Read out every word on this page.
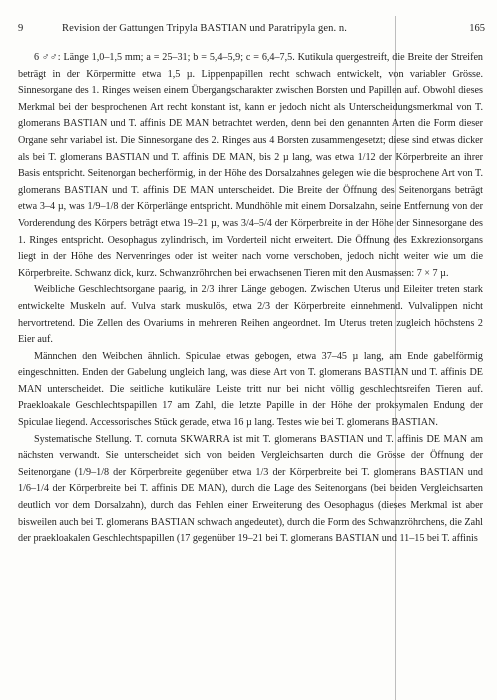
9	Revision der Gattungen Tripyla BASTIAN und Paratripyla gen. n.	165

6 ♂♂: Länge 1,0–1,5 mm; a = 25–31; b = 5,4–5,9; c = 6,4–7,5. Kutikula quergestreift, die Breite der Streifen beträgt in der Körpermitte etwa 1,5 µ. Lippenpapillen recht schwach entwickelt, von variabler Grösse. Sinnesorgane des 1. Ringes weisen einem Übergangscharakter zwischen Borsten und Papillen auf. Obwohl dieses Merkmal bei der besprochenen Art recht konstant ist, kann er jedoch nicht als Unterscheidungsmerkmal von T. glomerans BASTIAN und T. affinis DE MAN betrachtet werden, denn bei den genannten Arten die Form dieser Organe sehr variabel ist. Die Sinnesorgane des 2. Ringes aus 4 Borsten zusammengesetzt; diese sind etwas dicker als bei T. glomerans BASTIAN und T. affinis DE MAN, bis 2 µ lang, was etwa 1/12 der Körperbreite an ihrer Basis entspricht. Seitenorgan becherförmig, in der Höhe des Dorsalzahnes gelegen wie die besprochene Art von T. glomerans BASTIAN und T. affinis DE MAN unterscheidet. Die Breite der Öffnung des Seitenorgans beträgt etwa 3–4 µ, was 1/9–1/8 der Körperlänge entspricht. Mundhöhle mit einem Dorsalzahn, seine Entfernung von der Vorderendung des Körpers beträgt etwa 19–21 µ, was 3/4–5/4 der Körperbreite in der Höhe der Sinnesorgane des 1. Ringes entspricht. Oesophagus zylindrisch, im Vorderteil nicht erweitert. Die Öffnung des Exkrezionsorgans liegt in der Höhe des Nervenringes oder ist weiter nach vorne verschoben, jedoch nicht weiter wie um die Körperbreite. Schwanz dick, kurz. Schwanzröhrchen bei erwachsenen Tieren mit den Ausmassen: 7 × 7 µ.

Weibliche Geschlechtsorgane paarig, in 2/3 ihrer Länge gebogen. Zwischen Uterus und Eileiter treten stark entwickelte Muskeln auf. Vulva stark muskulös, etwa 2/3 der Körperbreite einnehmend. Vulvalippen nicht hervortretend. Die Zellen des Ovariums in mehreren Reihen angeordnet. Im Uterus treten zugleich höchstens 2 Eier auf.

Männchen den Weibchen ähnlich. Spiculae etwas gebogen, etwa 37–45 µ lang, am Ende gabelförmig eingeschnitten. Enden der Gabelung ungleich lang, was diese Art von T. glomerans BASTIAN und T. affinis DE MAN unterscheidet. Die seitliche kutikuläre Leiste tritt nur bei nicht völlig geschlechtsreifen Tieren auf. Praekloakale Geschlechtspapillen 17 am Zahl, die letzte Papille in der Höhe der proksymalen Endung der Spiculae liegend. Accessorisches Stück gerade, etwa 16 µ lang. Testes wie bei T. glomerans BASTIAN.

Systematische Stellung. T. cornuta SKWARRA ist mit T. glomerans BASTIAN und T. affinis DE MAN am nächsten verwandt. Sie unterscheidet sich von beiden Vergleichsarten durch die Grösse der Öffnung der Seitenorgane (1/9–1/8 der Körperbreite gegenüber etwa 1/3 der Körperbreite bei T. glomerans BASTIAN und 1/6–1/4 der Körperbreite bei T. affinis DE MAN), durch die Lage des Seitenorgans (bei beiden Vergleichsarten deutlich vor dem Dorsalzahn), durch das Fehlen einer Erweiterung des Oesophagus (dieses Merkmal ist aber bisweilen auch bei T. glomerans BASTIAN schwach angedeutet), durch die Form des Schwanzröhrchens, die Zahl der praekloakalen Geschlechtspapillen (17 gegenüber 19–21 bei T. glomerans BASTIAN und 11–15 bei T. affinis
